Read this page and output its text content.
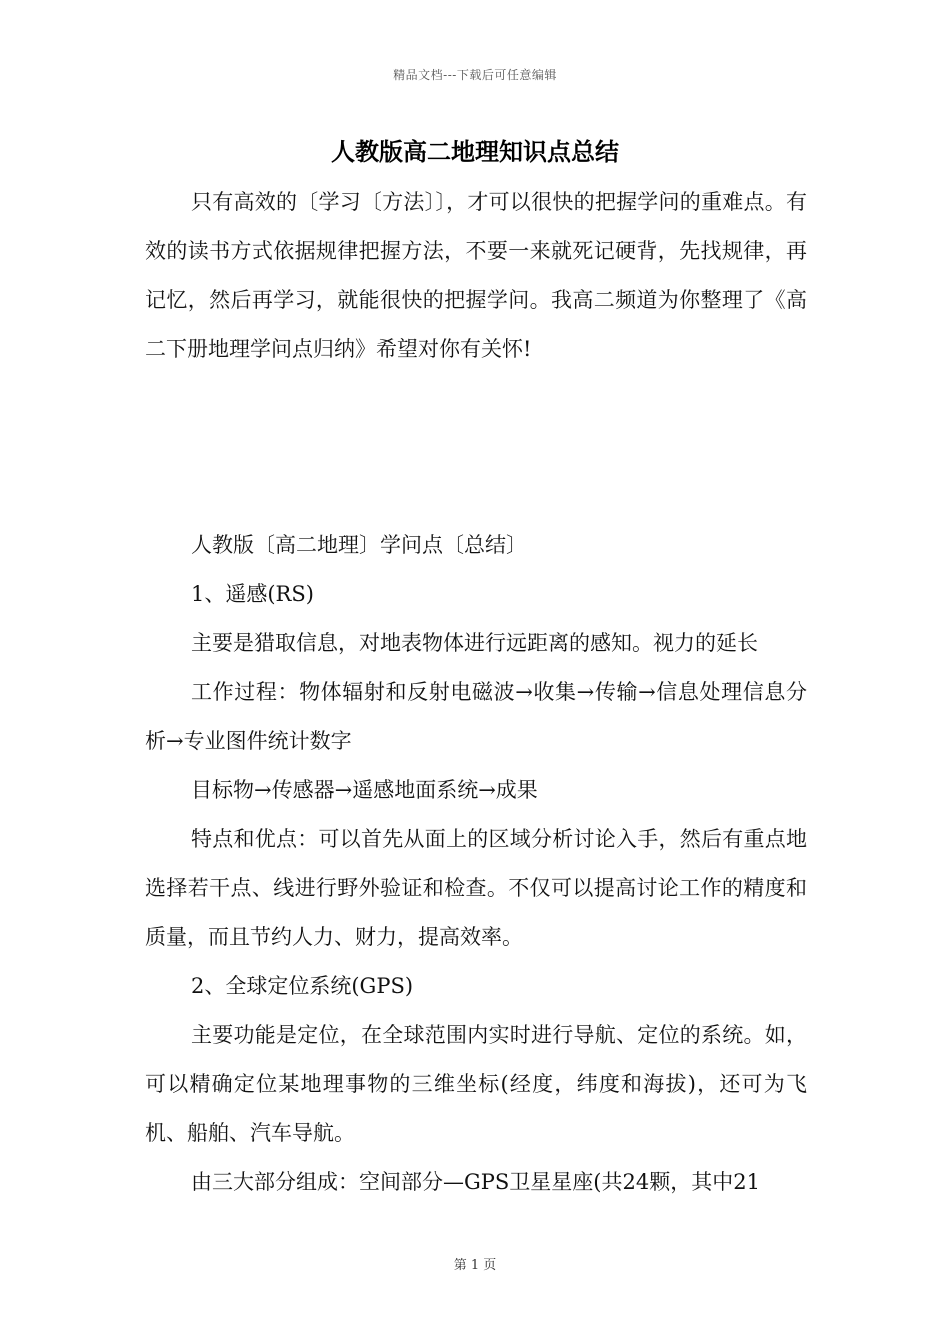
精品文档---下载后可任意编辑
人教版高二地理知识点总结

只有高效的〔学习〔方法〕〕，才可以很快的把握学问的重难点。有效的读书方式依据规律把握方法，不要一来就死记硬背，先找规律，再记忆，然后再学习，就能很快的把握学问。我高二频道为你整理了《高二下册地理学问点归纳》希望对你有关怀!

人教版〔高二地理〕学问点〔总结〕

1、遥感(RS)

主要是猎取信息，对地表物体进行远距离的感知。视力的延长

工作过程：物体辐射和反射电磁波→收集→传输→信息处理信息分析→专业图件统计数字

目标物→传感器→遥感地面系统→成果

特点和优点：可以首先从面上的区域分析讨论入手，然后有重点地选择若干点、线进行野外验证和检查。不仅可以提高讨论工作的精度和质量，而且节约人力、财力，提高效率。

2、全球定位系统(GPS)

主要功能是定位，在全球范围内实时进行导航、定位的系统。如，可以精确定位某地理事物的三维坐标(经度，纬度和海拔)，还可为飞机、船舶、汽车导航。

由三大部分组成：空间部分—GPS卫星星座(共24颗，其中21

第 1 页
